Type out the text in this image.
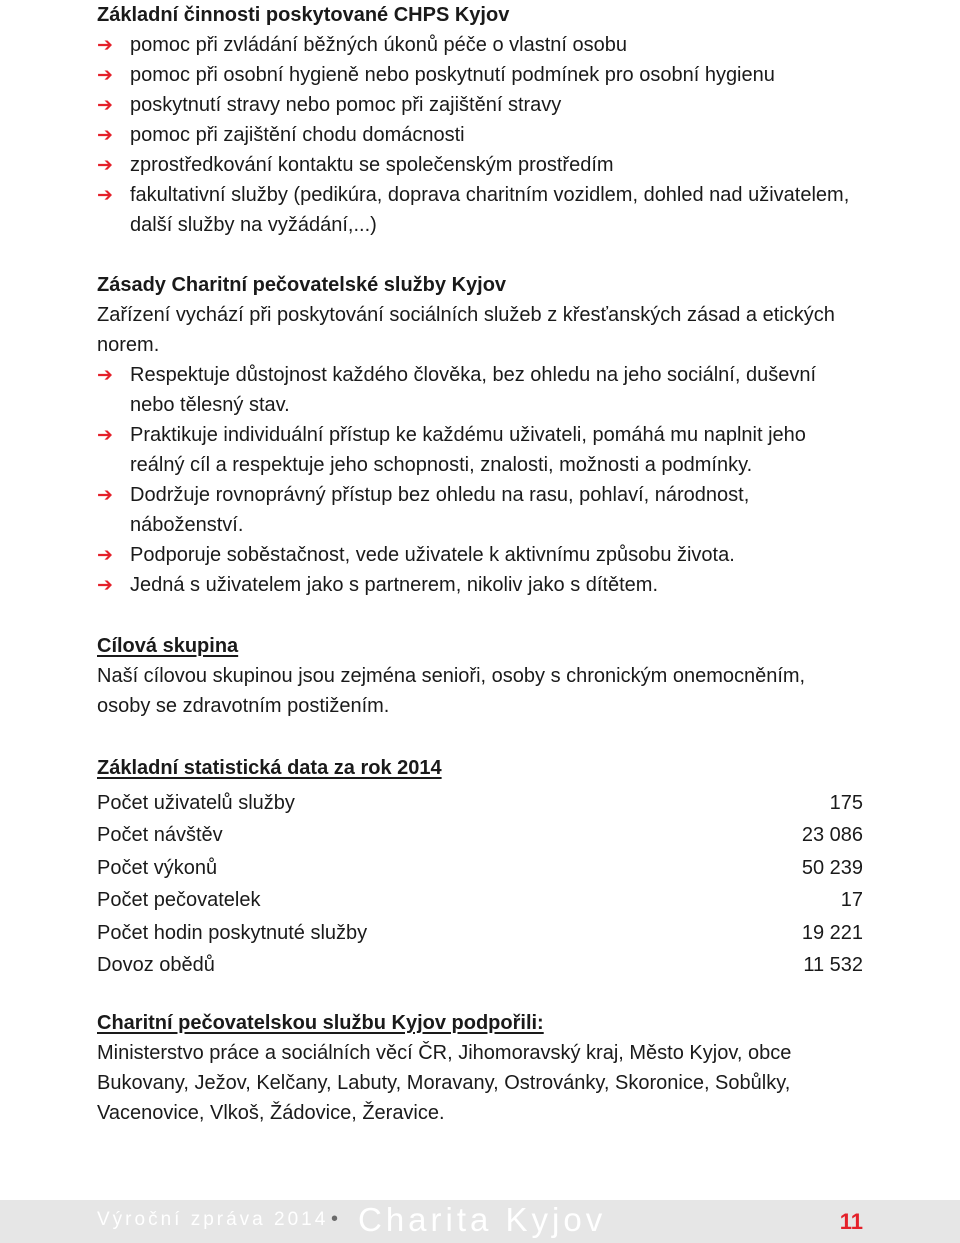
Základní činnosti poskytované CHPS Kyjov
➔ pomoc při zvládání běžných úkonů péče o vlastní osobu
➔ pomoc při osobní hygieně nebo poskytnutí podmínek pro osobní hygienu
➔ poskytnutí stravy nebo pomoc při zajištění stravy
➔ pomoc při zajištění chodu domácnosti
➔ zprostředkování kontaktu se společenským prostředím
➔ fakultativní služby (pedikúra, doprava charitním vozidlem, dohled nad uživatelem, další služby na vyžádání,...)
Zásady Charitní pečovatelské služby Kyjov

Zařízení vychází při poskytování sociálních služeb z křesťanských zásad a etických norem.

➔ Respektuje důstojnost každého člověka, bez ohledu na jeho sociální, duševní nebo tělesný stav.
➔ Praktikuje individuální přístup ke každému uživateli, pomáhá mu naplnit jeho reálný cíl a respektuje jeho schopnosti, znalosti, možnosti a podmínky.
➔ Dodržuje rovnoprávný přístup bez ohledu na rasu, pohlaví, národnost, náboženství.
➔ Podporuje soběstačnost, vede uživatele k aktivnímu způsobu života.
➔ Jedná s uživatelem jako s partnerem, nikoliv jako s dítětem.
Cílová skupina

Naší cílovou skupinou jsou zejména senioři, osoby s chronickým onemocněním, osoby se zdravotním postižením.

Základní statistická data za rok 2014
Počet uživatelů služby	175
Počet návštěv	23 086
Počet výkonů	50 239
Počet pečovatelek	17
Počet hodin poskytnuté služby	19 221
Dovoz obědů	11 532
Charitní pečovatelskou službu Kyjov podpořili:

Ministerstvo práce a sociálních věcí ČR, Jihomoravský kraj, Město Kyjov, obce Bukovany, Ježov, Kelčany, Labuty, Moravany, Ostrovánky, Skoronice, Sobůlky, Vacenovice, Vlkoš, Žádovice, Žeravice.

Výroční zpráva 2014 • Charita Kyjov	11
